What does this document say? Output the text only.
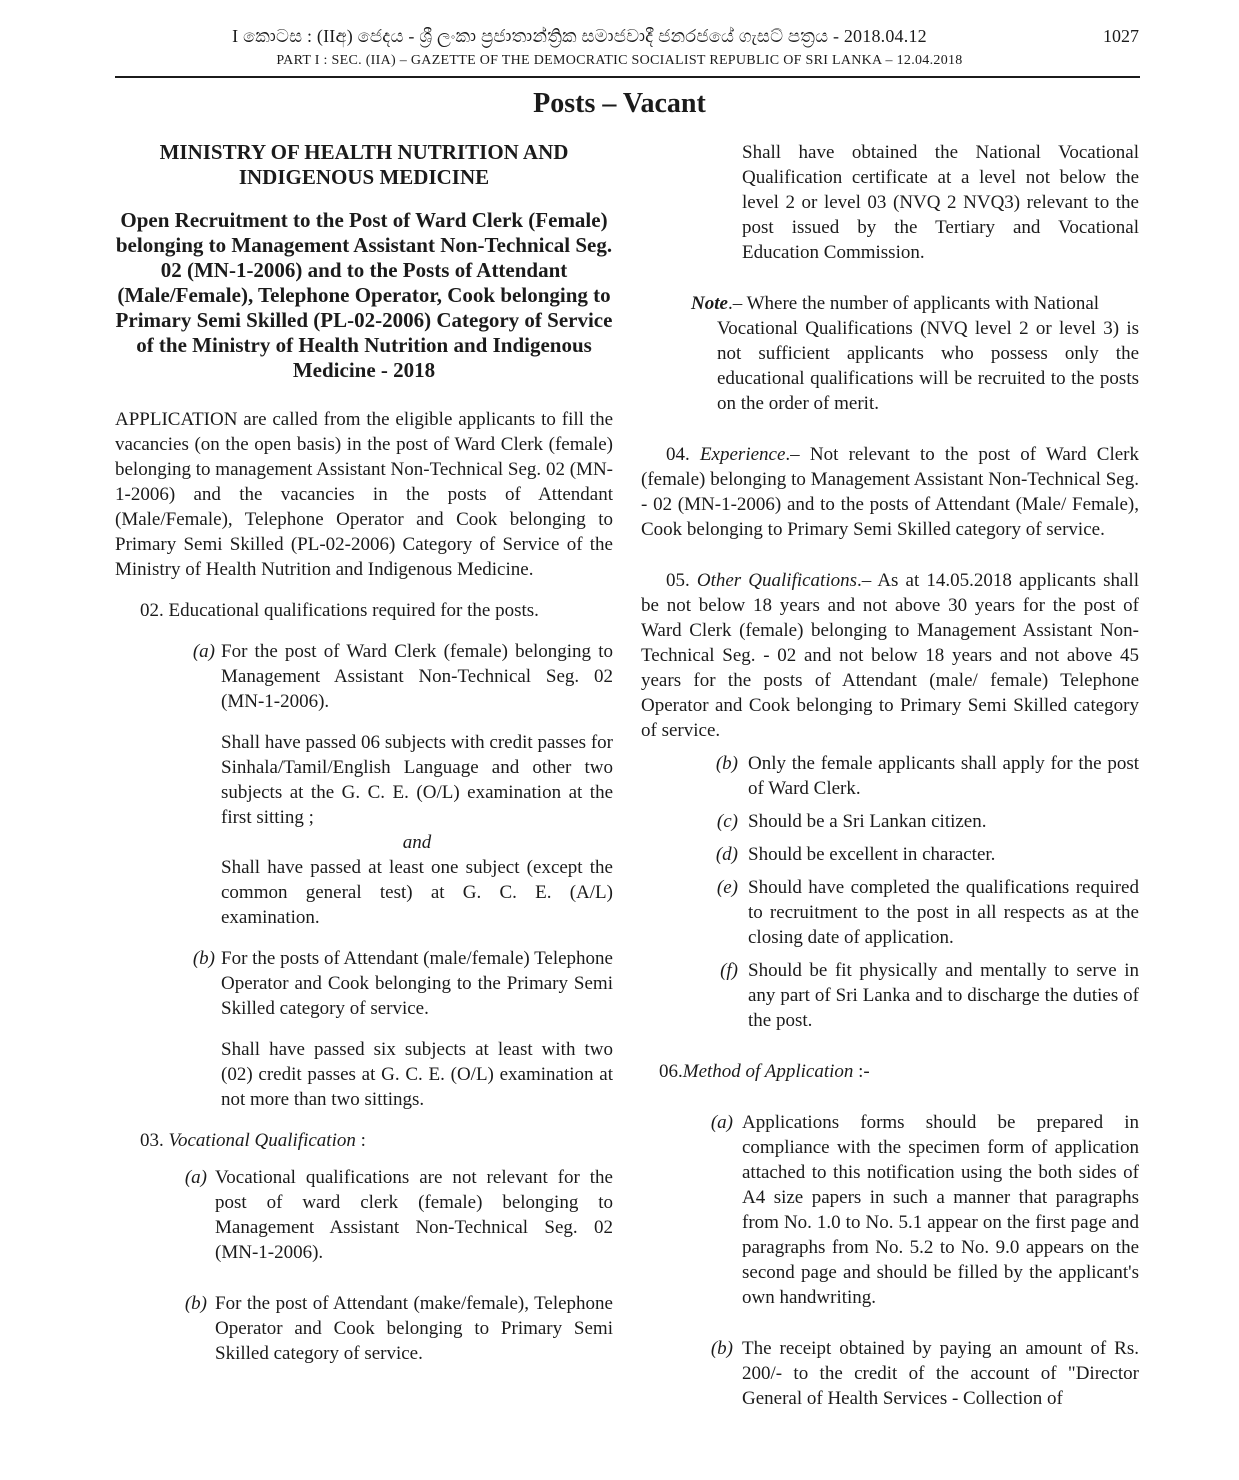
I කොටස : (IIඅ) ජෙදය - ශ්‍රී ලංකා ප්‍රජාතාන්ත්‍රික සමාජවාදී ජනරජයේ ගැසට් පත්‍රය - 2018.04.12	1027
PART I : SEC. (IIA) – GAZETTE OF THE DEMOCRATIC SOCIALIST REPUBLIC OF SRI LANKA – 12.04.2018
Posts – Vacant
MINISTRY OF HEALTH NUTRITION AND INDIGENOUS MEDICINE
Open Recruitment to the Post of Ward Clerk (Female) belonging to Management Assistant Non-Technical Seg. 02 (MN-1-2006) and to the Posts of Attendant (Male/Female), Telephone Operator, Cook belonging to Primary Semi Skilled (PL-02-2006) Category of Service of the Ministry of Health Nutrition and Indigenous Medicine - 2018

APPLICATION are called from the eligible applicants to fill the vacancies (on the open basis) in the post of Ward Clerk (female) belonging to management Assistant Non-Technical Seg. 02 (MN-1-2006) and the vacancies in the posts of Attendant (Male/Female), Telephone Operator and Cook belonging to Primary Semi Skilled (PL-02-2006) Category of Service of the Ministry of Health Nutrition and Indigenous Medicine.

02. Educational qualifications required for the posts.

(a) For the post of Ward Clerk (female) belonging to Management Assistant Non-Technical Seg. 02 (MN-1-2006).

Shall have passed 06 subjects with credit passes for Sinhala/Tamil/English Language and other two subjects at the G. C. E. (O/L) examination at the first sitting ;

and

Shall have passed at least one subject (except the common general test) at G. C. E. (A/L) examination.

(b) For the posts of Attendant (male/female) Telephone Operator and Cook belonging to the Primary Semi Skilled category of service.

Shall have passed six subjects at least with two (02) credit passes at G. C. E. (O/L) examination at not more than two sittings.

03. Vocational Qualification :

(a) Vocational qualifications are not relevant for the post of ward clerk (female) belonging to Management Assistant Non-Technical Seg. 02 (MN-1-2006).
(b) For the post of Attendant (make/female), Telephone Operator and Cook belonging to Primary Semi Skilled category of service.

Shall have obtained the National Vocational Qualification certificate at a level not below the level 2 or level 03 (NVQ 2 NVQ3) relevant to the post issued by the Tertiary and Vocational Education Commission.

Note.– Where the number of applicants with National

Vocational Qualifications (NVQ level 2 or level 3) is not sufficient applicants who possess only the educational qualifications will be recruited to the posts on the order of merit.

04. Experience.– Not relevant to the post of Ward Clerk (female) belonging to Management Assistant Non-Technical Seg. - 02 (MN-1-2006) and to the posts of Attendant (Male/ Female), Cook belonging to Primary Semi Skilled category of service.

05. Other Qualifications.– As at 14.05.2018 applicants shall be not below 18 years and not above 30 years for the post of Ward Clerk (female) belonging to Management Assistant Non-Technical Seg. - 02 and not below 18 years and not above 45 years for the posts of Attendant (male/ female) Telephone Operator and Cook belonging to Primary Semi Skilled category of service.

(b) Only the female applicants shall apply for the post of Ward Clerk.
(c) Should be a Sri Lankan citizen.
(d) Should be excellent in character.
(e) Should have completed the qualifications required to recruitment to the post in all respects as at the closing date of application.
(f) Should be fit physically and mentally to serve in any part of Sri Lanka and to discharge the duties of the post.

06.Method of Application :-

(a) Applications forms should be prepared in compliance with the specimen form of application attached to this notification using the both sides of A4 size papers in such a manner that paragraphs from No. 1.0 to No. 5.1 appear on the first page and paragraphs from No. 5.2 to No. 9.0 appears on the second page and should be filled by the applicant's own handwriting.
(b) The receipt obtained by paying an amount of Rs. 200/- to the credit of the account of "Director General of Health Services - Collection of
